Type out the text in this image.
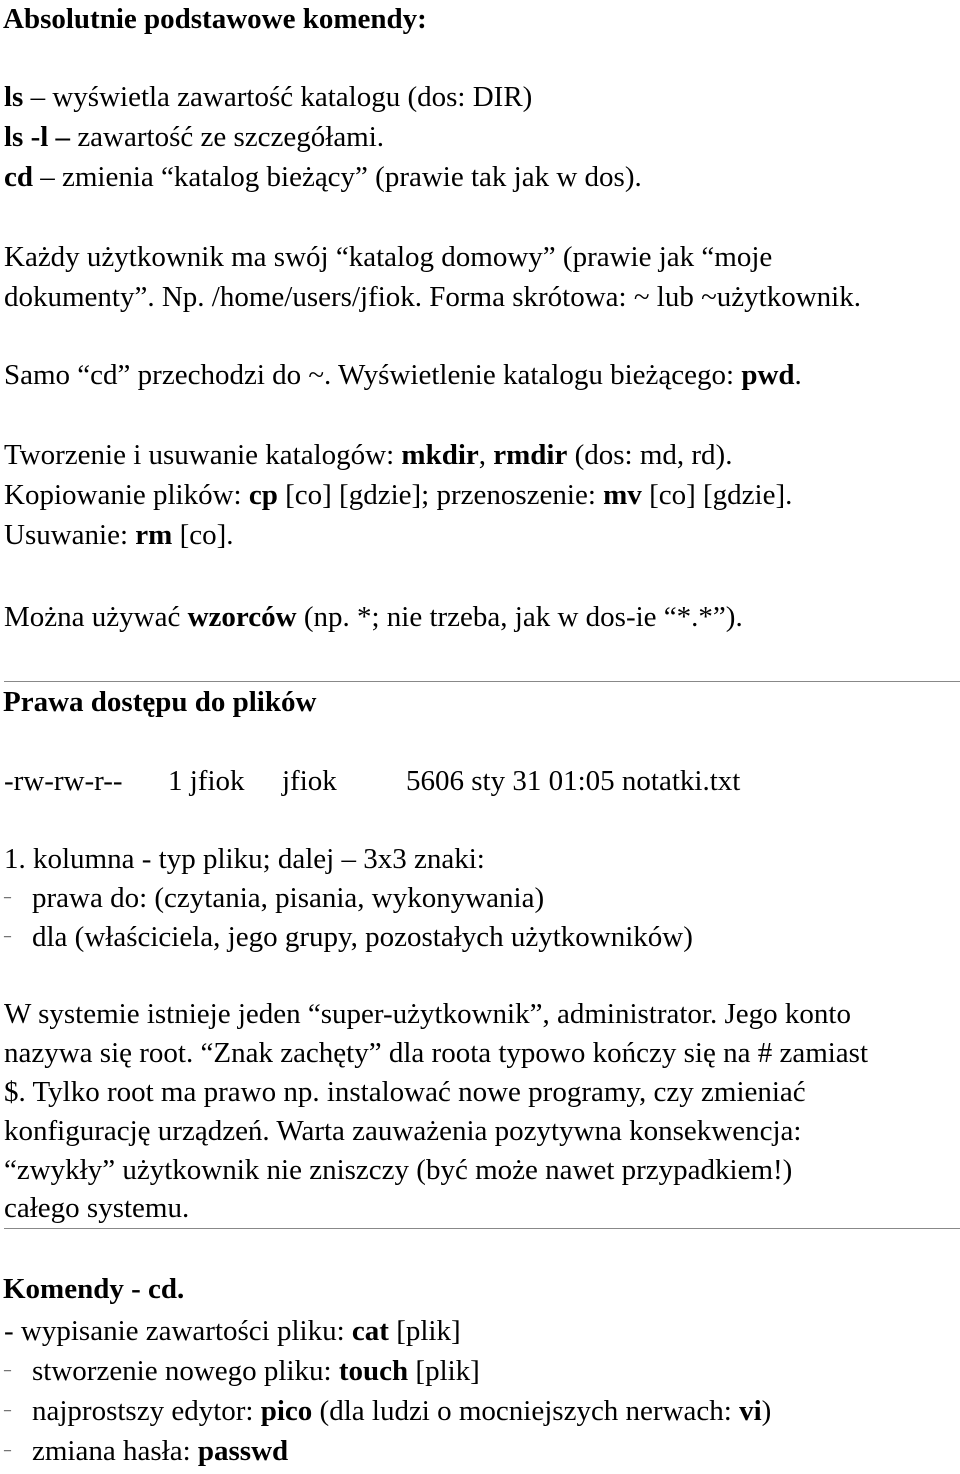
Absolutnie podstawowe komendy:
ls – wyświetla zawartość katalogu (dos: DIR)
ls -l – zawartość ze szczegółami.
cd – zmienia “katalog bieżący” (prawie tak jak w dos).
Każdy użytkownik ma swój “katalog domowy” (prawie jak “moje
dokumenty”. Np. /home/users/jfiok. Forma skrótowa: ~ lub ~użytkownik.
Samo “cd” przechodzi do ~. Wyświetlenie katalogu bieżącego: pwd.
Tworzenie i usuwanie katalogów: mkdir, rmdir (dos: md, rd).
Kopiowanie plików: cp [co] [gdzie]; przenoszenie: mv [co] [gdzie].
Usuwanie: rm [co].
Można używać wzorców (np. *; nie trzeba, jak w dos-ie “*.*”).
Prawa dostępu do plików
-rw-rw-r-- 1 jfiok jfiok 5606 sty 31 01:05 notatki.txt
1. kolumna - typ pliku; dalej – 3x3 znaki:
– prawa do: (czytania, pisania, wykonywania)
– dla (właściciela, jego grupy, pozostałych użytkowników)
W systemie istnieje jeden “super-użytkownik”, administrator. Jego konto
nazywa się root. “Znak zachęty” dla roota typowo kończy się na # zamiast
$. Tylko root ma prawo np. instalować nowe programy, czy zmieniać
konfigurację urządzeń. Warta zauważenia pozytywna konsekwencja:
“zwykły” użytkownik nie zniszczy (być może nawet przypadkiem!)
całego systemu.
Komendy - cd.
- wypisanie zawartości pliku: cat [plik]
– stworzenie nowego pliku: touch [plik]
– najprostszy edytor: pico (dla ludzi o mocniejszych nerwach: vi)
– zmiana hasła: passwd
